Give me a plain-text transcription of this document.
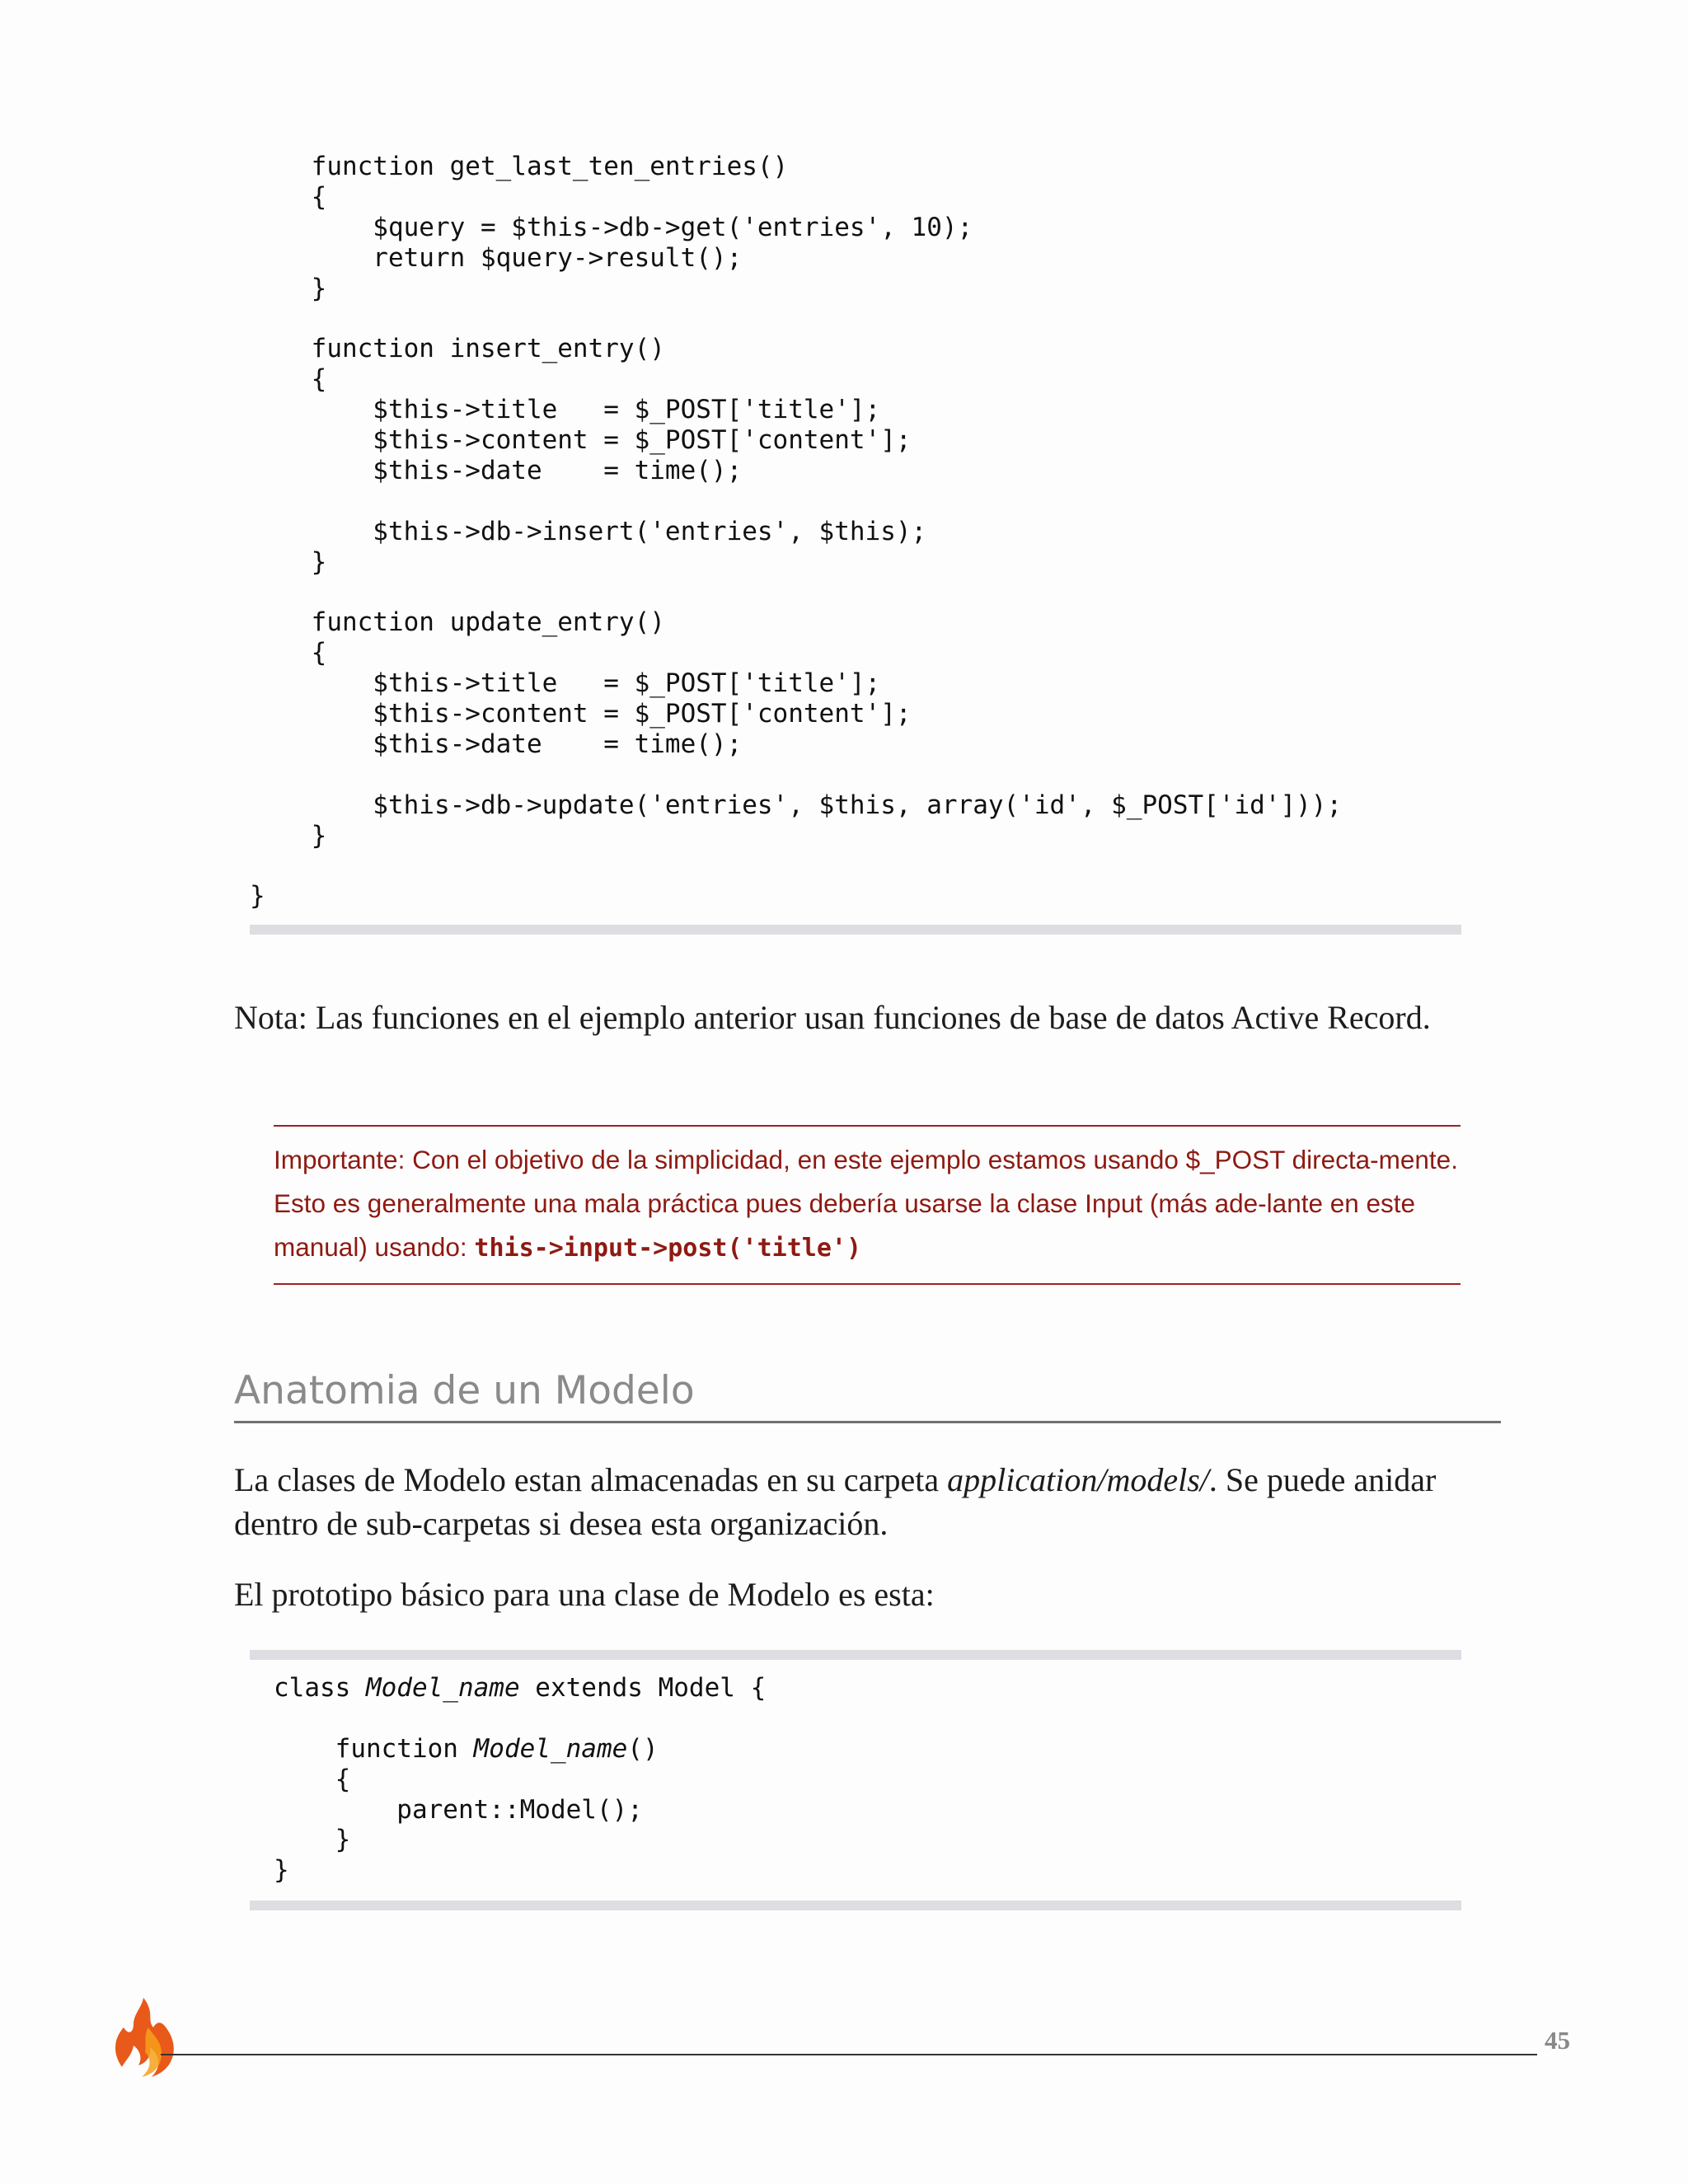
function get_last_ten_entries()
{
$query = $this->db->get('entries', 10);
return $query->result();
}
function insert_entry()
{
$this->title   = $_POST['title'];
$this->content = $_POST['content'];
$this->date    = time();
$this->db->insert('entries', $this);
}
function update_entry()
{
$this->title   = $_POST['title'];
$this->content = $_POST['content'];
$this->date    = time();
$this->db->update('entries', $this, array('id', $_POST['id']));
}
}
Nota: Las funciones en el ejemplo anterior usan funciones de base de datos Active Record.
Importante: Con el objetivo de la simplicidad, en este ejemplo estamos usando $_POST directa-mente. Esto es generalmente una mala práctica pues debería usarse la clase Input (más ade-lante en este manual) usando: this->input->post('title')
Anatomia de un Modelo
La clases de Modelo estan almacenadas en su carpeta application/models/. Se puede anidar dentro de sub-carpetas si desea esta organización.
El prototipo básico para una clase de Modelo es esta:
class Model_name extends Model {
function Model_name()
{
parent::Model();
}
}
45
